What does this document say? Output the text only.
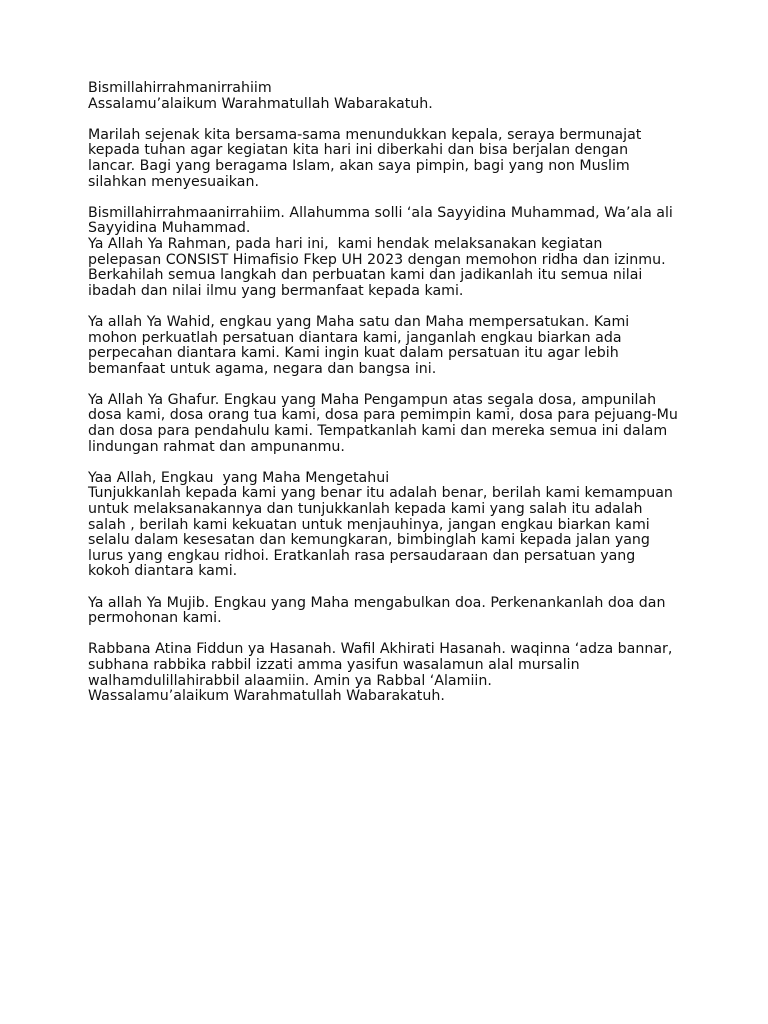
Bismillahirrahmanirrahiim
Assalamu’alaikum Warahmatullah Wabarakatuh.
Marilah sejenak kita bersama-sama menundukkan kepala, seraya bermunajat
kepada tuhan agar kegiatan kita hari ini diberkahi dan bisa berjalan dengan
lancar. Bagi yang beragama Islam, akan saya pimpin, bagi yang non Muslim
silahkan menyesuaikan.
Bismillahirrahmaanirrahiim. Allahumma solli ‘ala Sayyidina Muhammad, Wa’ala ali
Sayyidina Muhammad.
Ya Allah Ya Rahman, pada hari ini,  kami hendak melaksanakan kegiatan
pelepasan CONSIST Himafisio Fkep UH 2023 dengan memohon ridha dan izinmu.
Berkahilah semua langkah dan perbuatan kami dan jadikanlah itu semua nilai
ibadah dan nilai ilmu yang bermanfaat kepada kami.
Ya allah Ya Wahid, engkau yang Maha satu dan Maha mempersatukan. Kami
mohon perkuatlah persatuan diantara kami, janganlah engkau biarkan ada
perpecahan diantara kami. Kami ingin kuat dalam persatuan itu agar lebih
bemanfaat untuk agama, negara dan bangsa ini.
Ya Allah Ya Ghafur. Engkau yang Maha Pengampun atas segala dosa, ampunilah
dosa kami, dosa orang tua kami, dosa para pemimpin kami, dosa para pejuang-Mu
dan dosa para pendahulu kami. Tempatkanlah kami dan mereka semua ini dalam
lindungan rahmat dan ampunanmu.
Yaa Allah, Engkau  yang Maha Mengetahui
Tunjukkanlah kepada kami yang benar itu adalah benar, berilah kami kemampuan
untuk melaksanakannya dan tunjukkanlah kepada kami yang salah itu adalah
salah , berilah kami kekuatan untuk menjauhinya, jangan engkau biarkan kami
selalu dalam kesesatan dan kemungkaran, bimbinglah kami kepada jalan yang
lurus yang engkau ridhoi. Eratkanlah rasa persaudaraan dan persatuan yang
kokoh diantara kami.
Ya allah Ya Mujib. Engkau yang Maha mengabulkan doa. Perkenankanlah doa dan
permohonan kami.
Rabbana Atina Fiddun ya Hasanah. Wafil Akhirati Hasanah. waqinna ‘adza bannar,
subhana rabbika rabbil izzati amma yasifun wasalamun alal mursalin
walhamdulillahirabbil alaamiin. Amin ya Rabbal ‘Alamiin.
Wassalamu’alaikum Warahmatullah Wabarakatuh.
